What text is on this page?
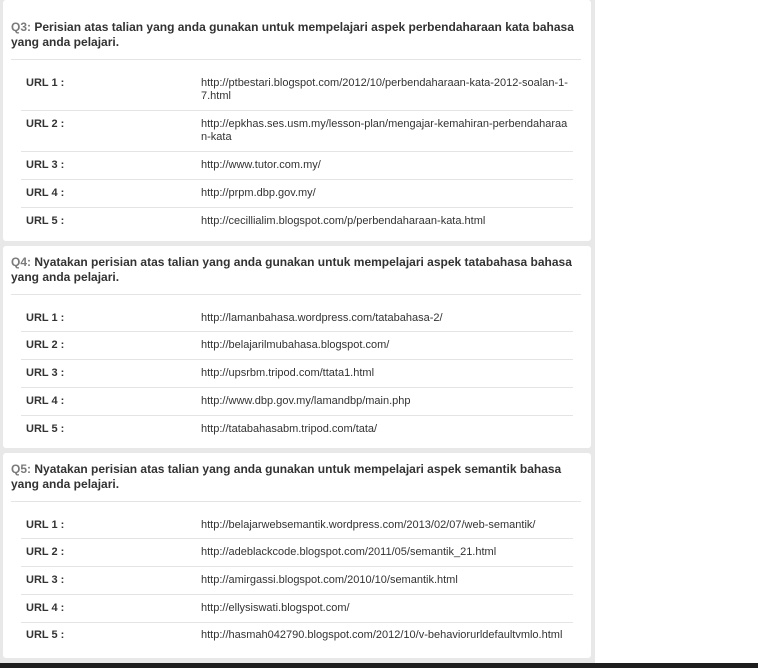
Q3: Perisian atas talian yang anda gunakan untuk mempelajari aspek perbendaharaan kata bahasa yang anda pelajari.
URL 1 :	http://ptbestari.blogspot.com/2012/10/perbendaharaan-kata-2012-soalan-1-7.html
URL 2 :	http://epkhas.ses.usm.my/lesson-plan/mengajar-kemahiran-perbendaharaan-kata
URL 3 :	http://www.tutor.com.my/
URL 4 :	http://prpm.dbp.gov.my/
URL 5 :	http://cecillialim.blogspot.com/p/perbendaharaan-kata.html
Q4: Nyatakan perisian atas talian yang anda gunakan untuk mempelajari aspek tatabahasa bahasa yang anda pelajari.
URL 1 :	http://lamanbahasa.wordpress.com/tatabahasa-2/
URL 2 :	http://belajarilmubahasa.blogspot.com/
URL 3 :	http://upsrbm.tripod.com/ttata1.html
URL 4 :	http://www.dbp.gov.my/lamandbp/main.php
URL 5 :	http://tatabahasabm.tripod.com/tata/
Q5: Nyatakan perisian atas talian yang anda gunakan untuk mempelajari aspek semantik bahasa yang anda pelajari.
URL 1 :	http://belajarwebsemantik.wordpress.com/2013/02/07/web-semantik/
URL 2 :	http://adeblackcode.blogspot.com/2011/05/semantik_21.html
URL 3 :	http://amirgassi.blogspot.com/2010/10/semantik.html
URL 4 :	http://ellysiswati.blogspot.com/
URL 5 :	http://hasmah042790.blogspot.com/2012/10/v-behaviorurldefaultvmlo.html
